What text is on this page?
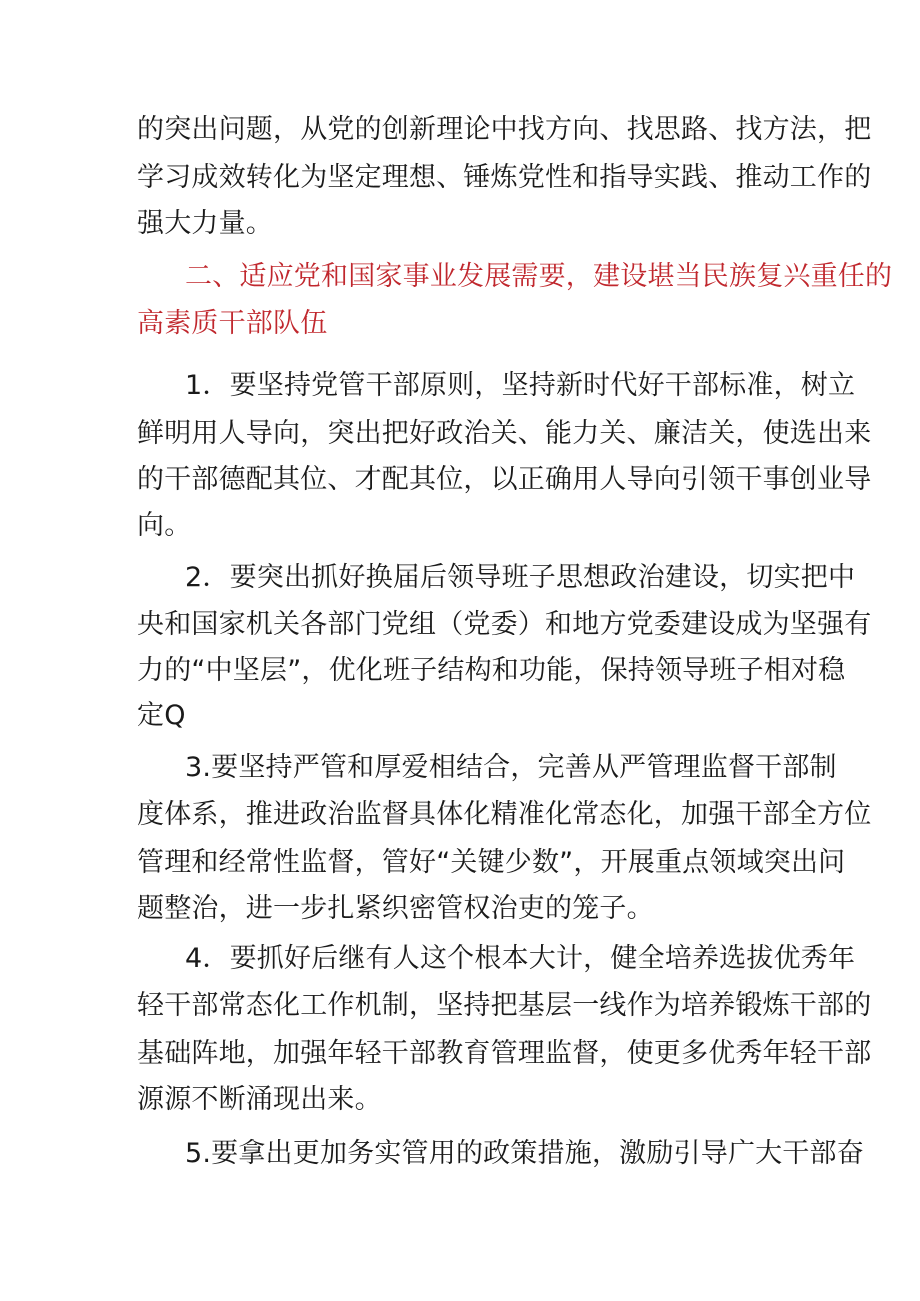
的突出问题，从党的创新理论中找方向、找思路、找方法，把
学习成效转化为坚定理想、锤炼党性和指导实践、推动工作的
强大力量。
二、适应党和国家事业发展需要，建设堪当民族复兴重任的
高素质干部队伍
1．要坚持党管干部原则，坚持新时代好干部标准，树立
鲜明用人导向，突出把好政治关、能力关、廉洁关，使选出来
的干部德配其位、才配其位，以正确用人导向引领干事创业导
向。
2．要突出抓好换届后领导班子思想政治建设，切实把中
央和国家机关各部门党组（党委）和地方党委建设成为坚强有
力的“中坚层”，优化班子结构和功能，保持领导班子相对稳
定Q
3.要坚持严管和厚爱相结合，完善从严管理监督干部制
度体系，推进政治监督具体化精准化常态化，加强干部全方位
管理和经常性监督，管好“关键少数”，开展重点领域突出问
题整治，进一步扎紧织密管权治吏的笼子。
4．要抓好后继有人这个根本大计，健全培养选拔优秀年
轻干部常态化工作机制，坚持把基层一线作为培养锻炼干部的
基础阵地，加强年轻干部教育管理监督，使更多优秀年轻干部
源源不断涌现出来。
5.要拿出更加务实管用的政策措施，激励引导广大干部奋
